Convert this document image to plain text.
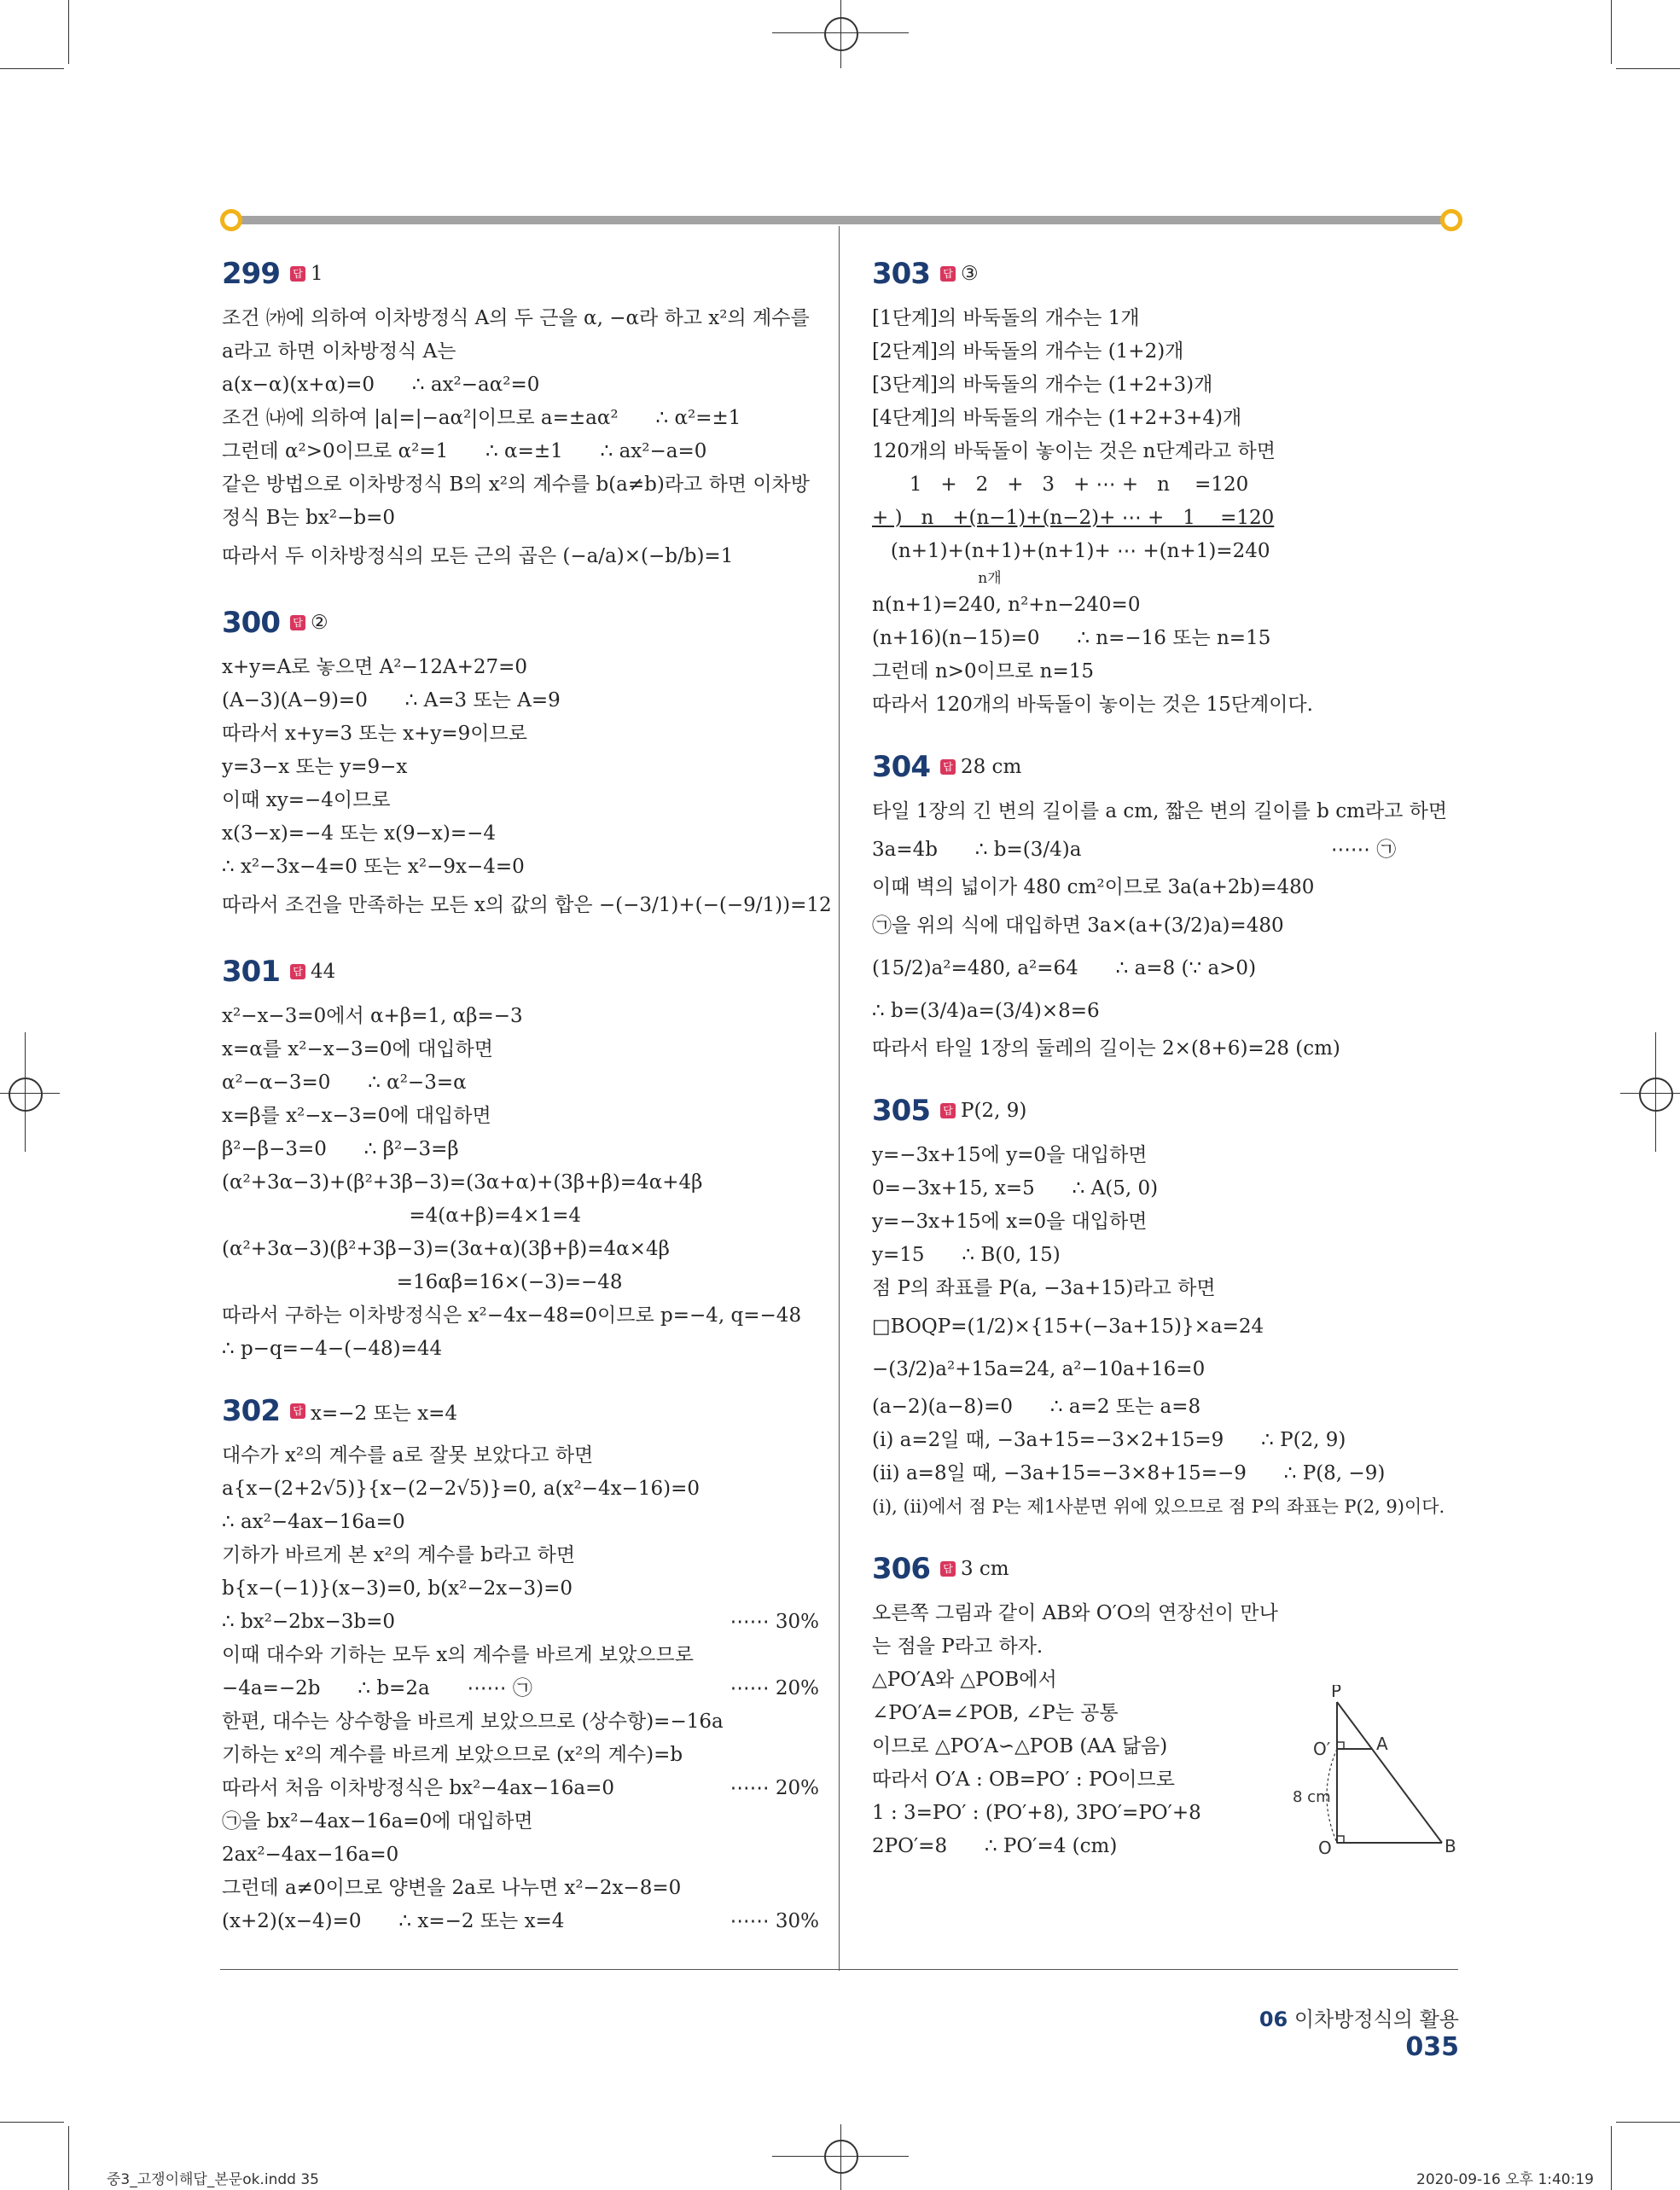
299 답 1
조건 ㈎에 의하여 이차방정식 A의 두 근을 α, −α라 하고 x²의 계수를
a라고 하면 이차방정식 A는
a(x−α)(x+α)=0      ∴ ax²−aα²=0
조건 ㈏에 의하여 |a|=|−aα²|이므로 a=±aα²      ∴ α²=±1
그런데 α²>0이므로 α²=1      ∴ α=±1      ∴ ax²−a=0
같은 방법으로 이차방정식 B의 x²의 계수를 b(a≠b)라고 하면 이차방
정식 B는 bx²−b=0
따라서 두 이차방정식의 모든 근의 곱은 (−a/a)×(−b/b)=1
300 답 ②
x+y=A로 놓으면 A²−12A+27=0
(A−3)(A−9)=0      ∴ A=3 또는 A=9
따라서 x+y=3 또는 x+y=9이므로
y=3−x 또는 y=9−x
이때 xy=−4이므로
x(3−x)=−4 또는 x(9−x)=−4
∴ x²−3x−4=0 또는 x²−9x−4=0
따라서 조건을 만족하는 모든 x의 값의 합은 −(−3/1)+(−(−9/1))=12
301 답 44
x²−x−3=0에서 α+β=1, αβ=−3
x=α를 x²−x−3=0에 대입하면
α²−α−3=0      ∴ α²−3=α
x=β를 x²−x−3=0에 대입하면
β²−β−3=0      ∴ β²−3=β
(α²+3α−3)+(β²+3β−3)=(3α+α)+(3β+β)=4α+4β
=4(α+β)=4×1=4
(α²+3α−3)(β²+3β−3)=(3α+α)(3β+β)=4α×4β
=16αβ=16×(−3)=−48
따라서 구하는 이차방정식은 x²−4x−48=0이므로 p=−4, q=−48
∴ p−q=−4−(−48)=44
302 답 x=−2 또는 x=4
대수가 x²의 계수를 a로 잘못 보았다고 하면
a{x−(2+2√5)}{x−(2−2√5)}=0, a(x²−4x−16)=0
∴ ax²−4ax−16a=0
기하가 바르게 본 x²의 계수를 b라고 하면
b{x−(−1)}(x−3)=0, b(x²−2x−3)=0
∴ bx²−2bx−3b=0	⋯⋯ 30%
이때 대수와 기하는 모두 x의 계수를 바르게 보았으므로
−4a=−2b      ∴ b=2a      ⋯⋯ ㉠	⋯⋯ 20%
한편, 대수는 상수항을 바르게 보았으므로 (상수항)=−16a
기하는 x²의 계수를 바르게 보았으므로 (x²의 계수)=b
따라서 처음 이차방정식은 bx²−4ax−16a=0	⋯⋯ 20%
㉠을 bx²−4ax−16a=0에 대입하면
2ax²−4ax−16a=0
그런데 a≠0이므로 양변을 2a로 나누면 x²−2x−8=0
(x+2)(x−4)=0      ∴ x=−2 또는 x=4	⋯⋯ 30%
303 답 ③
[1단계]의 바둑돌의 개수는 1개
[2단계]의 바둑돌의 개수는 (1+2)개
[3단계]의 바둑돌의 개수는 (1+2+3)개
[4단계]의 바둑돌의 개수는 (1+2+3+4)개
120개의 바둑돌이 놓이는 것은 n단계라고 하면
1   +   2   +   3   + ⋯ +   n    =120
+ )   n   +(n−1)+(n−2)+ ⋯ +   1    =120
(n+1)+(n+1)+(n+1)+ ⋯ +(n+1)=240
n개
n(n+1)=240, n²+n−240=0
(n+16)(n−15)=0      ∴ n=−16 또는 n=15
그런데 n>0이므로 n=15
따라서 120개의 바둑돌이 놓이는 것은 15단계이다.
304 답 28 cm
타일 1장의 긴 변의 길이를 a cm, 짧은 변의 길이를 b cm라고 하면
3a=4b      ∴ b=(3/4)a                                        ⋯⋯ ㉠
이때 벽의 넓이가 480 cm²이므로 3a(a+2b)=480
㉠을 위의 식에 대입하면 3a×(a+(3/2)a)=480
(15/2)a²=480, a²=64      ∴ a=8 (∵ a>0)
∴ b=(3/4)a=(3/4)×8=6
따라서 타일 1장의 둘레의 길이는 2×(8+6)=28 (cm)
305 답 P(2, 9)
y=−3x+15에 y=0을 대입하면
0=−3x+15, x=5      ∴ A(5, 0)
y=−3x+15에 x=0을 대입하면
y=15      ∴ B(0, 15)
점 P의 좌표를 P(a, −3a+15)라고 하면
□BOQP=(1/2)×{15+(−3a+15)}×a=24
−(3/2)a²+15a=24, a²−10a+16=0
(a−2)(a−8)=0      ∴ a=2 또는 a=8
(ⅰ) a=2일 때, −3a+15=−3×2+15=9      ∴ P(2, 9)
(ⅱ) a=8일 때, −3a+15=−3×8+15=−9      ∴ P(8, −9)
(ⅰ), (ⅱ)에서 점 P는 제1사분면 위에 있으므로 점 P의 좌표는 P(2, 9)이다.
306 답 3 cm
오른쪽 그림과 같이 AB와 O′O의 연장선이 만나
는 점을 P라고 하자.
△PO′A와 △POB에서
∠PO′A=∠POB, ∠P는 공통
이므로 △PO′A∽△POB (AA 닮음)
따라서 O′A : OB=PO′ : PO이므로
1 : 3=PO′ : (PO′+8), 3PO′=PO′+8
2PO′=8      ∴ PO′=4 (cm)
P
O′	A
O	B
8 cm
06 이차방정식의 활용035
중3_고쟁이해답_본문ok.indd 35	2020-09-16 오후 1:40:19
